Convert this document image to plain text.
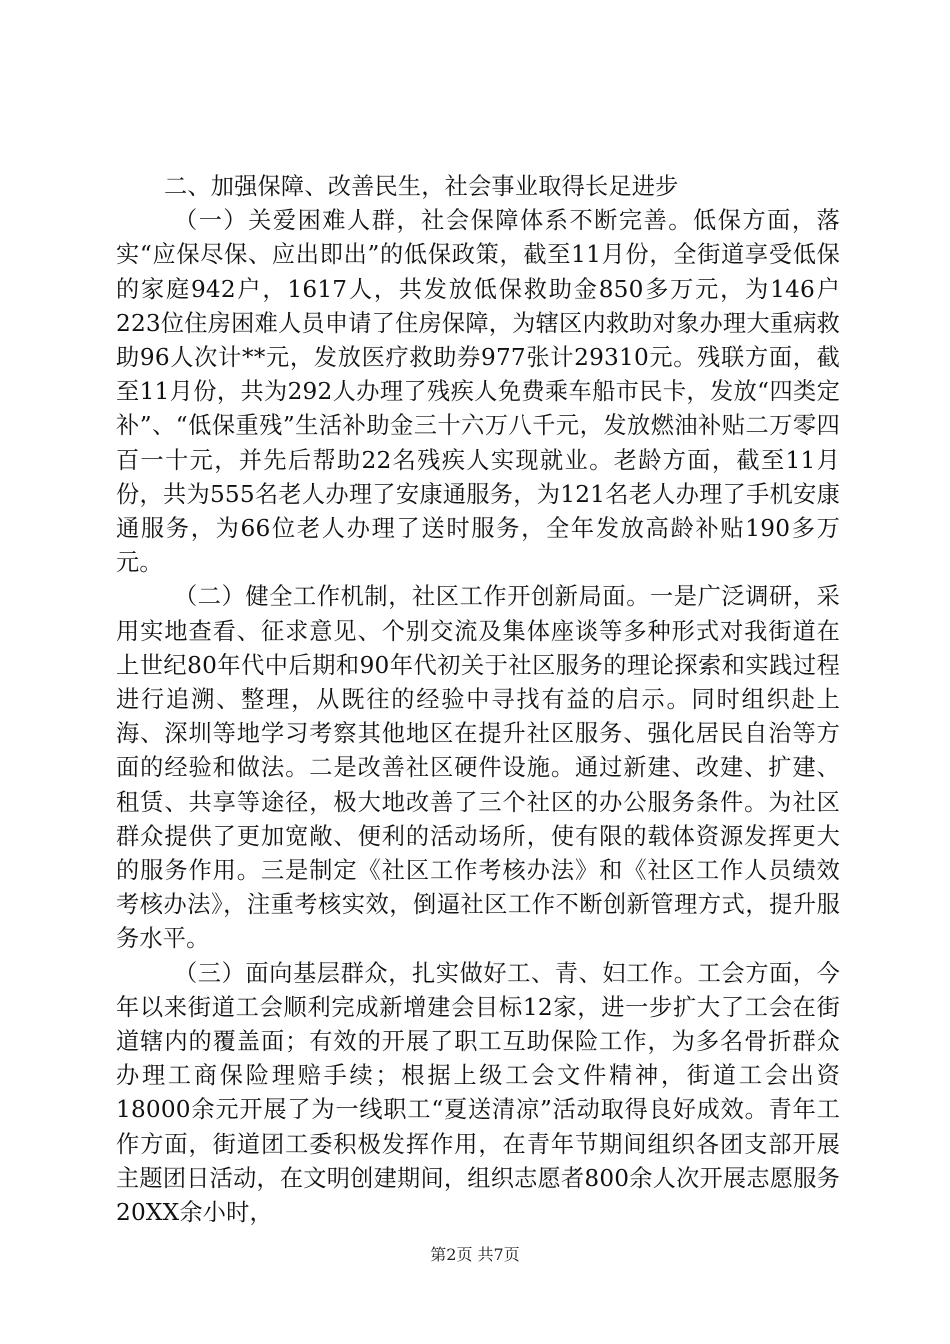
二、加强保障、改善民生，社会事业取得长足进步

（一）关爱困难人群，社会保障体系不断完善。低保方面，落实“应保尽保、应出即出”的低保政策，截至11月份，全街道享受低保的家庭942户，1617人，共发放低保救助金850多万元，为146户223位住房困难人员申请了住房保障，为辖区内救助对象办理大重病救助96人次计**元，发放医疗救助券977张计29310元。残联方面，截至11月份，共为292人办理了残疾人免费乘车船市民卡，发放“四类定补”、“低保重残”生活补助金三十六万八千元，发放燃油补贴二万零四百一十元，并先后帮助22名残疾人实现就业。老龄方面，截至11月份，共为555名老人办理了安康通服务，为121名老人办理了手机安康通服务，为66位老人办理了送时服务，全年发放高龄补贴190多万元。

（二）健全工作机制，社区工作开创新局面。一是广泛调研，采用实地查看、征求意见、个别交流及集体座谈等多种形式对我街道在上世纪80年代中后期和90年代初关于社区服务的理论探索和实践过程进行追溯、整理，从既往的经验中寻找有益的启示。同时组织赴上海、深圳等地学习考察其他地区在提升社区服务、强化居民自治等方面的经验和做法。二是改善社区硬件设施。通过新建、改建、扩建、租赁、共享等途径，极大地改善了三个社区的办公服务条件。为社区群众提供了更加宽敞、便利的活动场所，使有限的载体资源发挥更大的服务作用。三是制定《社区工作考核办法》和《社区工作人员绩效考核办法》，注重考核实效，倒逼社区工作不断创新管理方式，提升服务水平。

（三）面向基层群众，扎实做好工、青、妇工作。工会方面，今年以来街道工会顺利完成新增建会目标12家，进一步扩大了工会在街道辖内的覆盖面；有效的开展了职工互助保险工作，为多名骨折群众办理工商保险理赔手续；根据上级工会文件精神，街道工会出资18000余元开展了为一线职工“夏送清凉”活动取得良好成效。青年工作方面，街道团工委积极发挥作用，在青年节期间组织各团支部开展主题团日活动，在文明创建期间，组织志愿者800余人次开展志愿服务20XX余小时，

第2页 共7页
